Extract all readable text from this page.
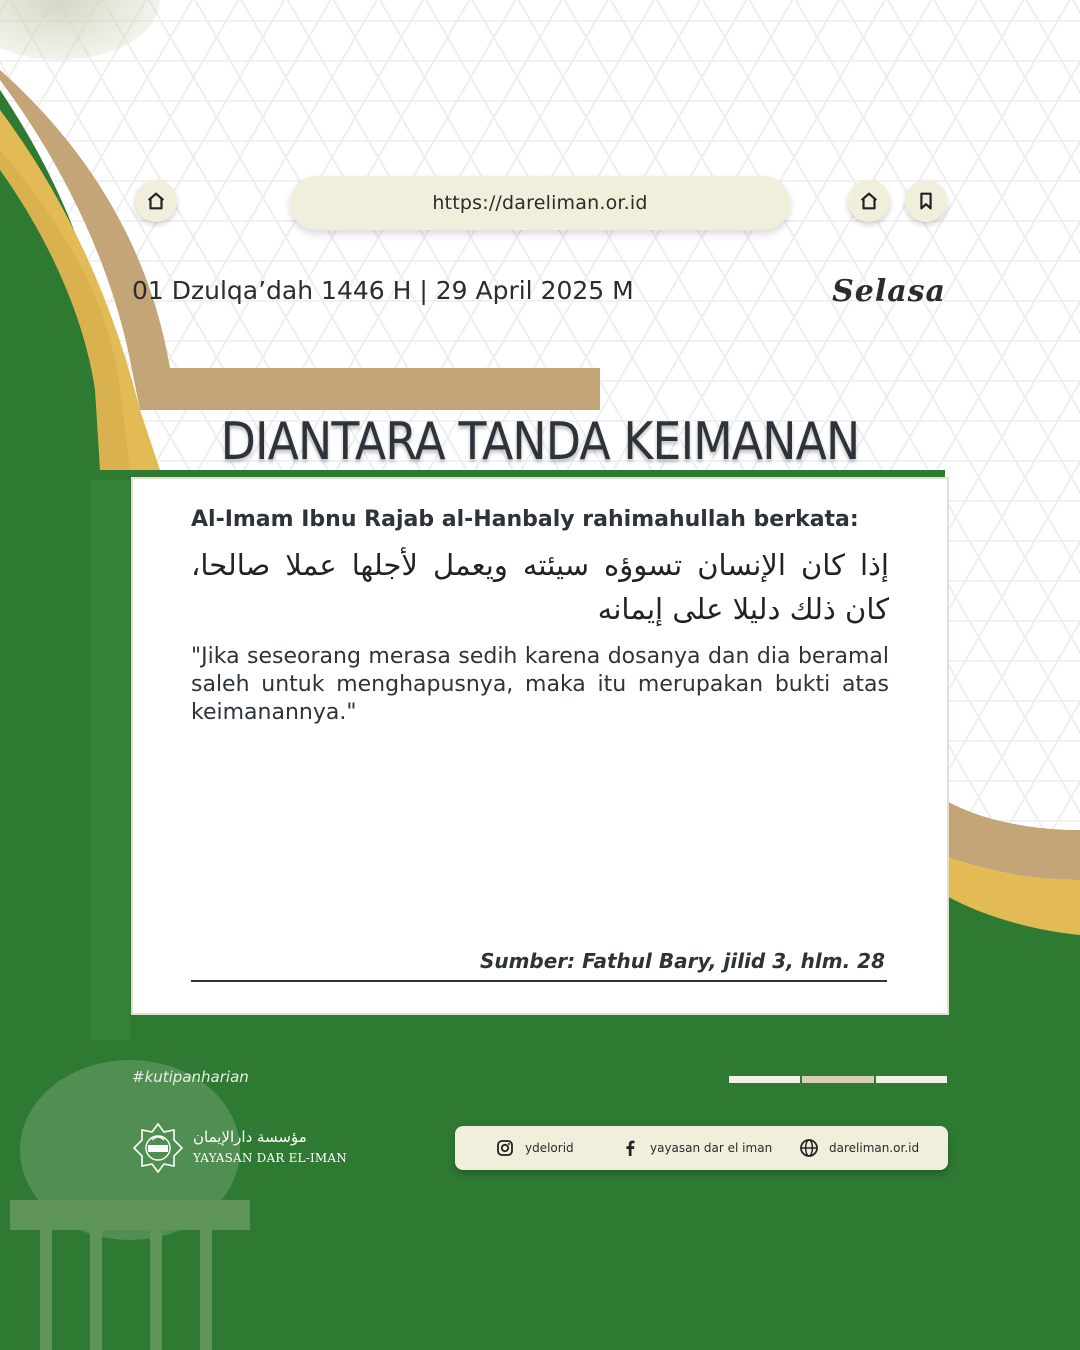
https://dareliman.or.id
01 Dzulqa’dah 1446 H | 29 April 2025 M	Selasa
DIANTARA TANDA KEIMANAN
Al-Imam Ibnu Rajab al-Hanbaly rahimahullah berkata:
إذا كان الإنسان تسوؤه سيئته ويعمل لأجلها عملا صالحا، كان ذلك دليلا على إيمانه
"Jika seseorang merasa sedih karena dosanya dan dia beramal saleh untuk menghapusnya, maka itu merupakan bukti atas keimanannya."
Sumber: Fathul Bary, jilid 3, hlm. 28
#kutipanharian
مؤسسة دارالإيمان
YAYASAN DAR EL-IMAN
ydelorid	yayasan dar el iman	dareliman.or.id
